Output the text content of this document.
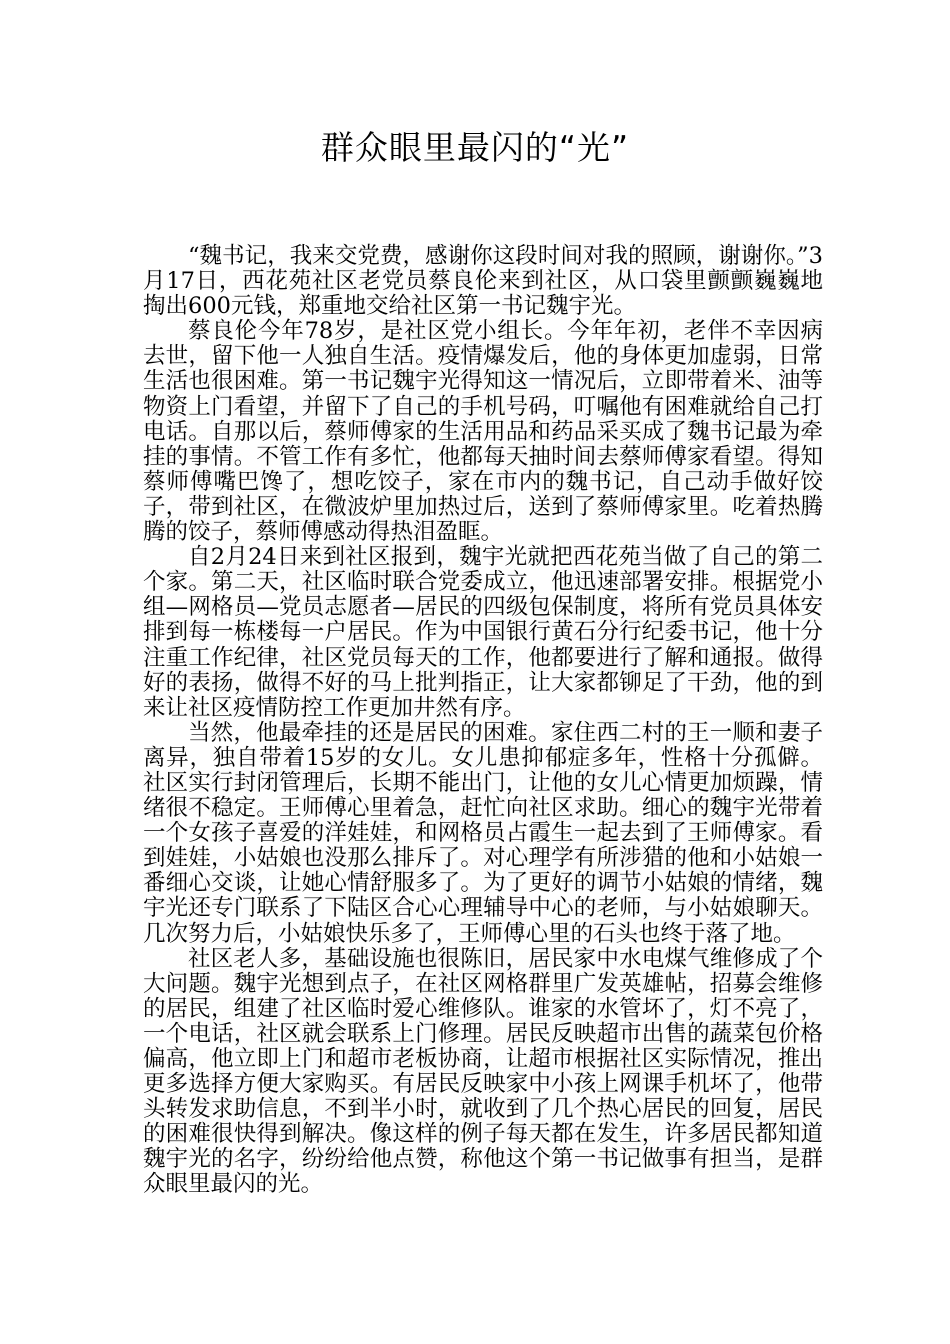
群众眼里最闪的“光”

“魏书记，我来交党费，感谢你这段时间对我的照顾，谢谢你。”3月17日，西花苑社区老党员蔡良伦来到社区，从口袋里颤颤巍巍地掏出600元钱，郑重地交给社区第一书记魏宇光。

蔡良伦今年78岁，是社区党小组长。今年年初，老伴不幸因病去世，留下他一人独自生活。疫情爆发后，他的身体更加虚弱，日常生活也很困难。第一书记魏宇光得知这一情况后，立即带着米、油等物资上门看望，并留下了自己的手机号码，叮嘱他有困难就给自己打电话。自那以后，蔡师傅家的生活用品和药品采买成了魏书记最为牵挂的事情。不管工作有多忙，他都每天抽时间去蔡师傅家看望。得知蔡师傅嘴巴馋了，想吃饺子，家在市内的魏书记，自己动手做好饺子，带到社区，在微波炉里加热过后，送到了蔡师傅家里。吃着热腾腾的饺子，蔡师傅感动得热泪盈眶。

自2月24日来到社区报到，魏宇光就把西花苑当做了自己的第二个家。第二天，社区临时联合党委成立，他迅速部署安排。根据党小组—网格员—党员志愿者—居民的四级包保制度，将所有党员具体安排到每一栋楼每一户居民。作为中国银行黄石分行纪委书记，他十分注重工作纪律，社区党员每天的工作，他都要进行了解和通报。做得好的表扬，做得不好的马上批判指正，让大家都铆足了干劲，他的到来让社区疫情防控工作更加井然有序。

当然，他最牵挂的还是居民的困难。家住西二村的王一顺和妻子离异，独自带着15岁的女儿。女儿患抑郁症多年，性格十分孤僻。社区实行封闭管理后，长期不能出门，让他的女儿心情更加烦躁，情绪很不稳定。王师傅心里着急，赶忙向社区求助。细心的魏宇光带着一个女孩子喜爱的洋娃娃，和网格员占霞生一起去到了王师傅家。看到娃娃，小姑娘也没那么排斥了。对心理学有所涉猎的他和小姑娘一番细心交谈，让她心情舒服多了。为了更好的调节小姑娘的情绪，魏宇光还专门联系了下陆区合心心理辅导中心的老师，与小姑娘聊天。几次努力后，小姑娘快乐多了，王师傅心里的石头也终于落了地。

社区老人多，基础设施也很陈旧，居民家中水电煤气维修成了个大问题。魏宇光想到点子，在社区网格群里广发英雄帖，招募会维修的居民，组建了社区临时爱心维修队。谁家的水管坏了，灯不亮了，一个电话，社区就会联系上门修理。居民反映超市出售的蔬菜包价格偏高，他立即上门和超市老板协商，让超市根据社区实际情况，推出更多选择方便大家购买。有居民反映家中小孩上网课手机坏了，他带头转发求助信息，不到半小时，就收到了几个热心居民的回复，居民的困难很快得到解决。像这样的例子每天都在发生，许多居民都知道魏宇光的名字，纷纷给他点赞，称他这个第一书记做事有担当，是群众眼里最闪的光。
